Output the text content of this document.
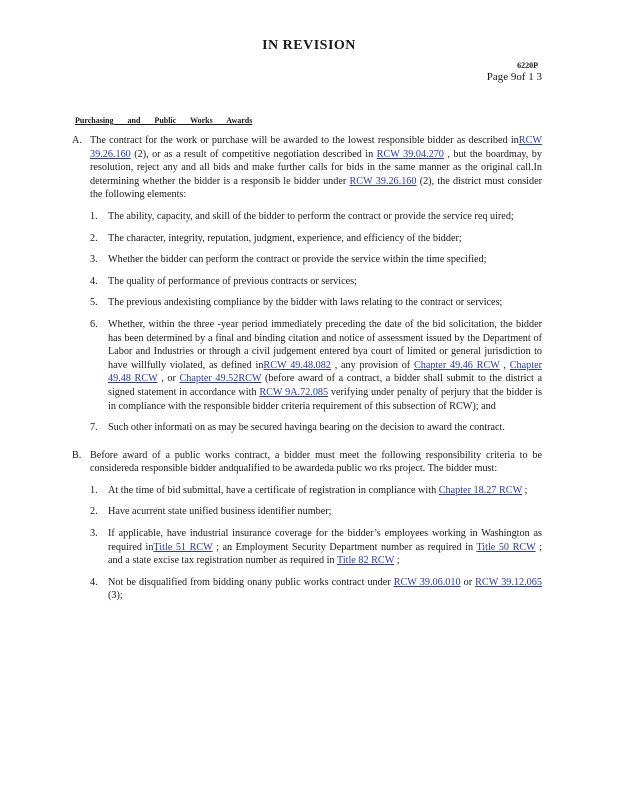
IN REVISION
6220P
Page 9of 1 3
Purchasing and Public Works Awards
A. The contract for the work or purchase will be awarded to the lowest responsible bidder as described inRCW 39.26.160 (2), or as a result of competitive negotiation described in RCW 39.04.270 , but the boardmay, by resolution, reject any and all bids and make further calls for bids in the same manner as the original call.In determining whether the bidder is a responsib le bidder under RCW 39.26.160 (2), the district must consider the following elements:
1. The ability, capacity, and skill of the bidder to perform the contract or provide the service req uired;
2. The character, integrity, reputation, judgment, experience, and efficiency of the bidder;
3. Whether the bidder can perform the contract or provide the service within the time specified;
4. The quality of performance of previous contracts or services;
5. The previous andexisting compliance by the bidder with laws relating to the contract or services;
6. Whether, within the three -year period immediately preceding the date of the bid solicitation, the bidder has been determined by a final and binding citation and notice of assessment issued by the Department of Labor and Industries or through a civil judgement entered bya court of limited or general jurisdiction to have willfully violated, as defined inRCW 49.48.082 , any provision of Chapter 49.46 RCW , Chapter 49.48 RCW , or Chapter 49.52RCW (before award of a contract, a bidder shall submit to the district a signed statement in accordance with RCW 9A.72.085 verifying under penalty of perjury that the bidder is in compliance with the responsible bidder criteria requirement of this subsection of RCW); and
7. Such other informati on as may be secured havinga bearing on the decision to award the contract.
B. Before award of a public works contract, a bidder must meet the following responsibility criteria to be considereda responsible bidder andqualified to be awardeda public wo rks project. The bidder must:
1. At the time of bid submittal, have a certificate of registration in compliance with Chapter 18.27 RCW ;
2. Have acurrent state unified business identifier number;
3. If applicable, have industrial insurance coverage for the bidder’s employees working in Washington as required inTitle 51 RCW ; an Employment Security Department number as required in Title 50 RCW ; and a state excise tax registration number as required in Title 82 RCW ;
4. Not be disqualified from bidding onany public works contract under RCW 39.06.010 or RCW 39.12.065 (3);
